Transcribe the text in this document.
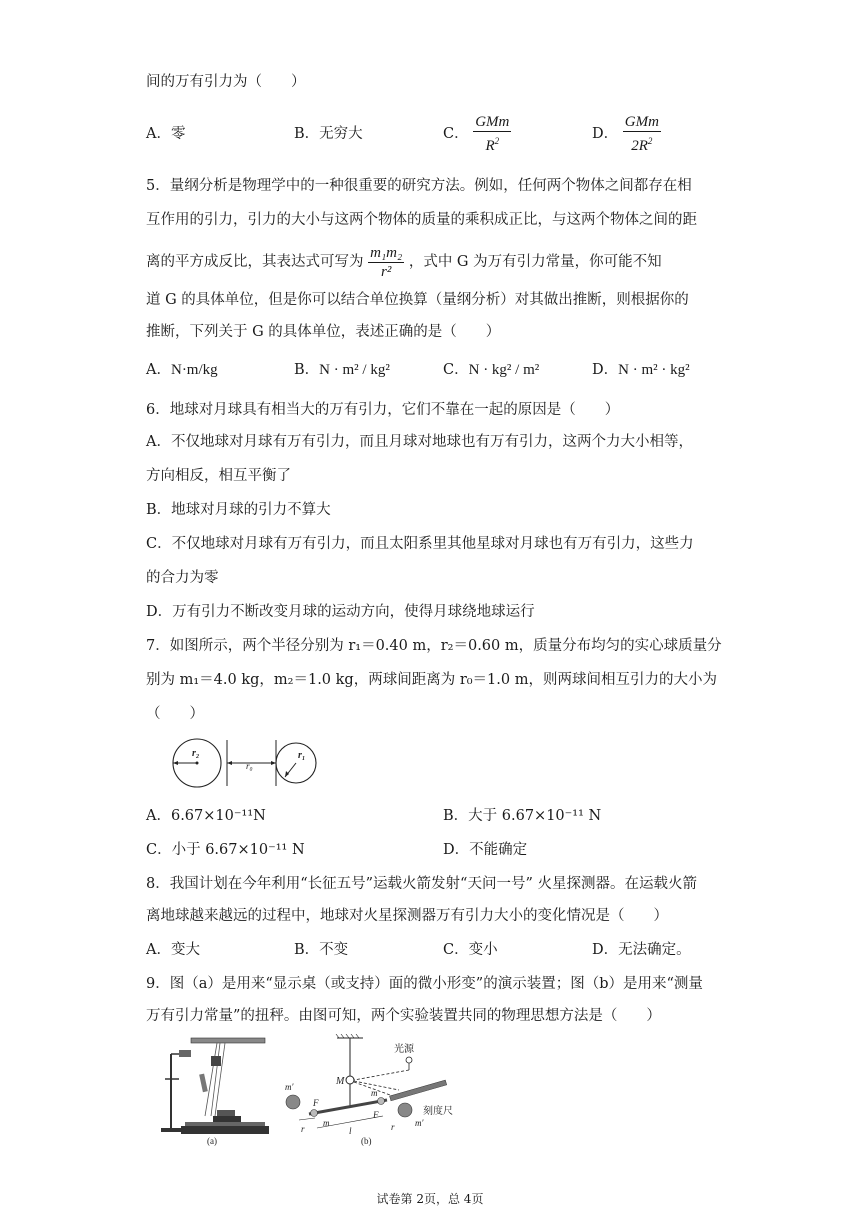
间的万有引力为（　　）
A．零	B．无穷大	C． $\frac{\text{GMm}}{R^2}$	D． $\frac{\text{GMm}}{2R^2}$
5．量纲分析是物理学中的一种很重要的研究方法。例如，任何两个物体之间都存在相
互作用的引力，引力的大小与这两个物体的质量的乘积成正比，与这两个物体之间的距
离的平方成反比，其表达式可写为 $\frac{\text{m₁m₂}}{\text{r²}}$ ，式中 G 为万有引力常量，你可能不知
道 G 的具体单位，但是你可以结合单位换算（量纲分析）对其做出推断，则根据你的
推断，下列关于 G 的具体单位，表述正确的是（　　）
A．N·m/kg	B．N · m² / kg²	C．N · kg² / m²	D．N · m² · kg²
6．地球对月球具有相当大的万有引力，它们不靠在一起的原因是（　　）
A．不仅地球对月球有万有引力，而且月球对地球也有万有引力，这两个力大小相等，
方向相反，相互平衡了
B．地球对月球的引力不算大
C．不仅地球对月球有万有引力，而且太阳系里其他星球对月球也有万有引力，这些力
的合力为零
D．万有引力不断改变月球的运动方向，使得月球绕地球运行
7．如图所示，两个半径分别为 r₁＝0.40 m，r₂＝0.60 m，质量分布均匀的实心球质量分
别为 m₁＝4.0 kg，m₂＝1.0 kg，两球间距离为 r₀＝1.0 m，则两球间相互引力的大小为
（　　）
r₂
r₀
r₁
A．6.67×10⁻¹¹N	B．大于 6.67×10⁻¹¹ N
C．小于 6.67×10⁻¹¹ N	D．不能确定
8．我国计划在今年利用“长征五号”运载火箭发射“天问一号” 火星探测器。在运载火箭
离地球越来越远的过程中，地球对火星探测器万有引力大小的变化情况是（　　）
A．变大	B．不变	C．变小	D．无法确定。
9．图（a）是用来“显示桌（或支持）面的微小形变”的演示装置；图（b）是用来“测量
万有引力常量”的扭秤。由图可知，两个实验装置共同的物理思想方法是（　　）
(a)
M
光源
刻度尺
m′
m′
F
F
m
m
r	l	r
(b)
试卷第 2页，总 4页
